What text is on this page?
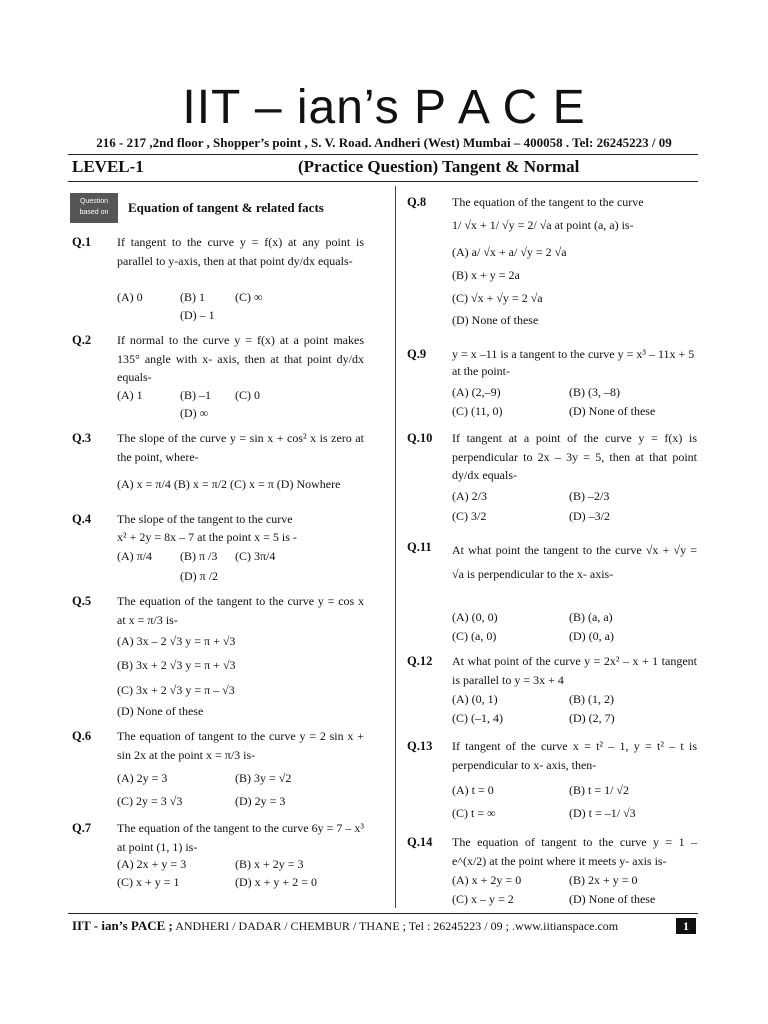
IIT – ian’s P A C E
216 - 217 ,2nd floor , Shopper’s point , S. V. Road. Andheri (West) Mumbai – 400058 . Tel: 26245223 / 09
LEVEL-1	(Practice Question) Tangent & Normal
Question based on	Equation of tangent & related facts
Q.1 If tangent to the curve y = f(x) at any point is parallel to y-axis, then at that point dy/dx equals-
(A) 0	(B) 1	(C) ∞
(D) – 1
Q.2 If normal to the curve y = f(x) at a point makes 135° angle with x- axis, then at that point dy/dx equals-
(A) 1	(B) –1 (C) 0
(D) ∞
Q.3 The slope of the curve y = sin x + cos² x is zero at the point, where-
(A) x = π/4 (B) x = π/2 (C) x = π (D) Nowhere
Q.4 The slope of the tangent to the curve
x² + 2y = 8x – 7 at the point x = 5 is -
(A) π/4 (B) π /3 (C) 3π/4
(D) π /2
Q.5 The equation of the tangent to the curve y = cos x at x = π/3 is-
(A) 3x – 2 √3 y = π + √3
(B) 3x + 2 √3 y = π + √3
(C) 3x + 2 √3 y = π – √3
(D) None of these
Q.6 The equation of tangent to the curve y = 2 sin x + sin 2x at the point x = π/3 is-
(A) 2y = 3	(B) 3y = √2
(C) 2y = 3 √3	(D) 2y = 3
Q.7 The equation of the tangent to the curve 6y = 7 – x³ at point (1, 1) is-
(A) 2x + y = 3	(B) x + 2y = 3
(C) x + y = 1	(D) x + y + 2 = 0
Q.8 The equation of the tangent to the curve
1/ √x + 1/ √y = 2/ √a at point (a, a) is-
(A) a/ √x + a/ √y = 2 √a
(B) x + y = 2a
(C) √x + √y = 2 √a
(D) None of these
Q.9 y = x –11 is a tangent to the curve y = x³ – 11x + 5
at the point-
(A) (2,–9)	(B) (3, –8)
(C) (11, 0)	(D) None of these
Q.10 If tangent at a point of the curve y = f(x) is perpendicular to 2x – 3y = 5, then at that point dy/dx equals-
(A) 2/3	(B) –2/3
(C) 3/2	(D) –3/2
Q.11 At what point the tangent to the curve √x + √y = √a is perpendicular to the x- axis-
(A) (0, 0)	(B) (a, a)
(C) (a, 0)	(D) (0, a)
Q.12 At what point of the curve y = 2x² – x + 1 tangent is parallel to y = 3x + 4
(A) (0, 1)	(B) (1, 2)
(C) (–1, 4)	(D) (2, 7)
Q.13 If tangent of the curve x = t² – 1, y = t² – t is perpendicular to x- axis, then-
(A) t = 0	(B) t = 1/ √2
(C) t = ∞	(D) t = –1/ √3
Q.14 The equation of tangent to the curve y = 1 – e^(x/2) at the point where it meets y- axis is-
(A) x + 2y = 0	(B) 2x + y = 0
(C) x – y = 2	(D) None of these
IIT - ian’s PACE ; ANDHERI / DADAR / CHEMBUR / THANE ; Tel : 26245223 / 09 ; .www.iitianspace.com	1
